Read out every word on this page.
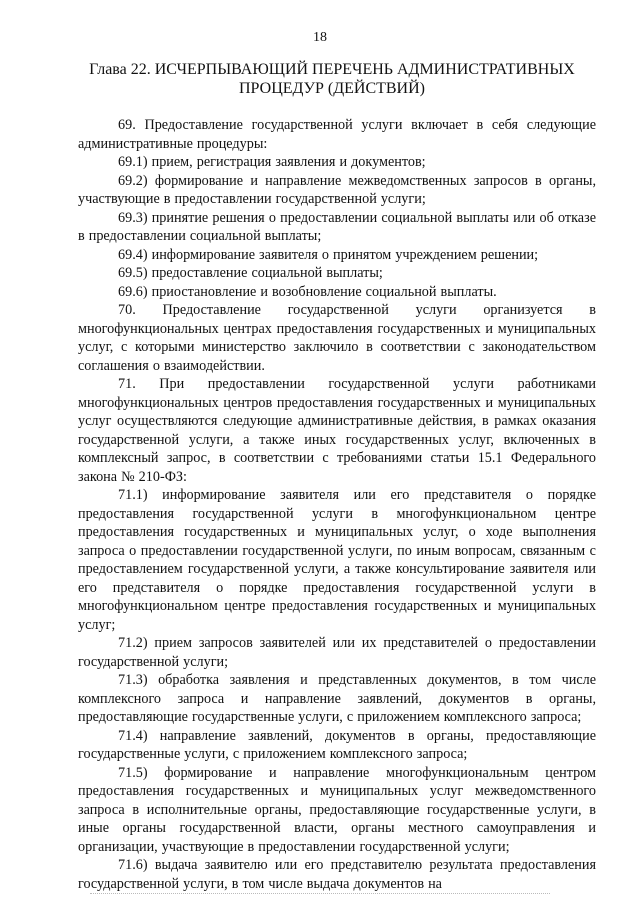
18
Глава 22. ИСЧЕРПЫВАЮЩИЙ ПЕРЕЧЕНЬ АДМИНИСТРАТИВНЫХ
ПРОЦЕДУР (ДЕЙСТВИЙ)

69. Предоставление государственной услуги включает в себя следующие административные процедуры:

69.1) прием, регистрация заявления и документов;

69.2) формирование и направление межведомственных запросов в органы, участвующие в предоставлении государственной услуги;

69.3) принятие решения о предоставлении социальной выплаты или об отказе в предоставлении социальной выплаты;

69.4) информирование заявителя о принятом учреждением решении;

69.5) предоставление социальной выплаты;

69.6) приостановление и возобновление социальной выплаты.

70. Предоставление государственной услуги организуется в многофункциональных центрах предоставления государственных и муниципальных услуг, с которыми министерство заключило в соответствии с законодательством соглашения о взаимодействии.

71. При предоставлении государственной услуги работниками многофункциональных центров предоставления государственных и муниципальных услуг осуществляются следующие административные действия, в рамках оказания государственной услуги, а также иных государственных услуг, включенных в комплексный запрос, в соответствии с требованиями статьи 15.1 Федерального закона № 210-ФЗ:

71.1) информирование заявителя или его представителя о порядке предоставления государственной услуги в многофункциональном центре предоставления государственных и муниципальных услуг, о ходе выполнения запроса о предоставлении государственной услуги, по иным вопросам, связанным с предоставлением государственной услуги, а также консультирование заявителя или его представителя о порядке предоставления государственной услуги в многофункциональном центре предоставления государственных и муниципальных услуг;

71.2) прием запросов заявителей или их представителей о предоставлении государственной услуги;

71.3) обработка заявления и представленных документов, в том числе комплексного запроса и направление заявлений, документов в органы, предоставляющие государственные услуги, с приложением комплексного запроса;

71.4) направление заявлений, документов в органы, предоставляющие государственные услуги, с приложением комплексного запроса;

71.5) формирование и направление многофункциональным центром предоставления государственных и муниципальных услуг межведомственного запроса в исполнительные органы, предоставляющие государственные услуги, в иные органы государственной власти, органы местного самоуправления и организации, участвующие в предоставлении государственной услуги;

71.6) выдача заявителю или его представителю результата предоставления государственной услуги, в том числе выдача документов на
